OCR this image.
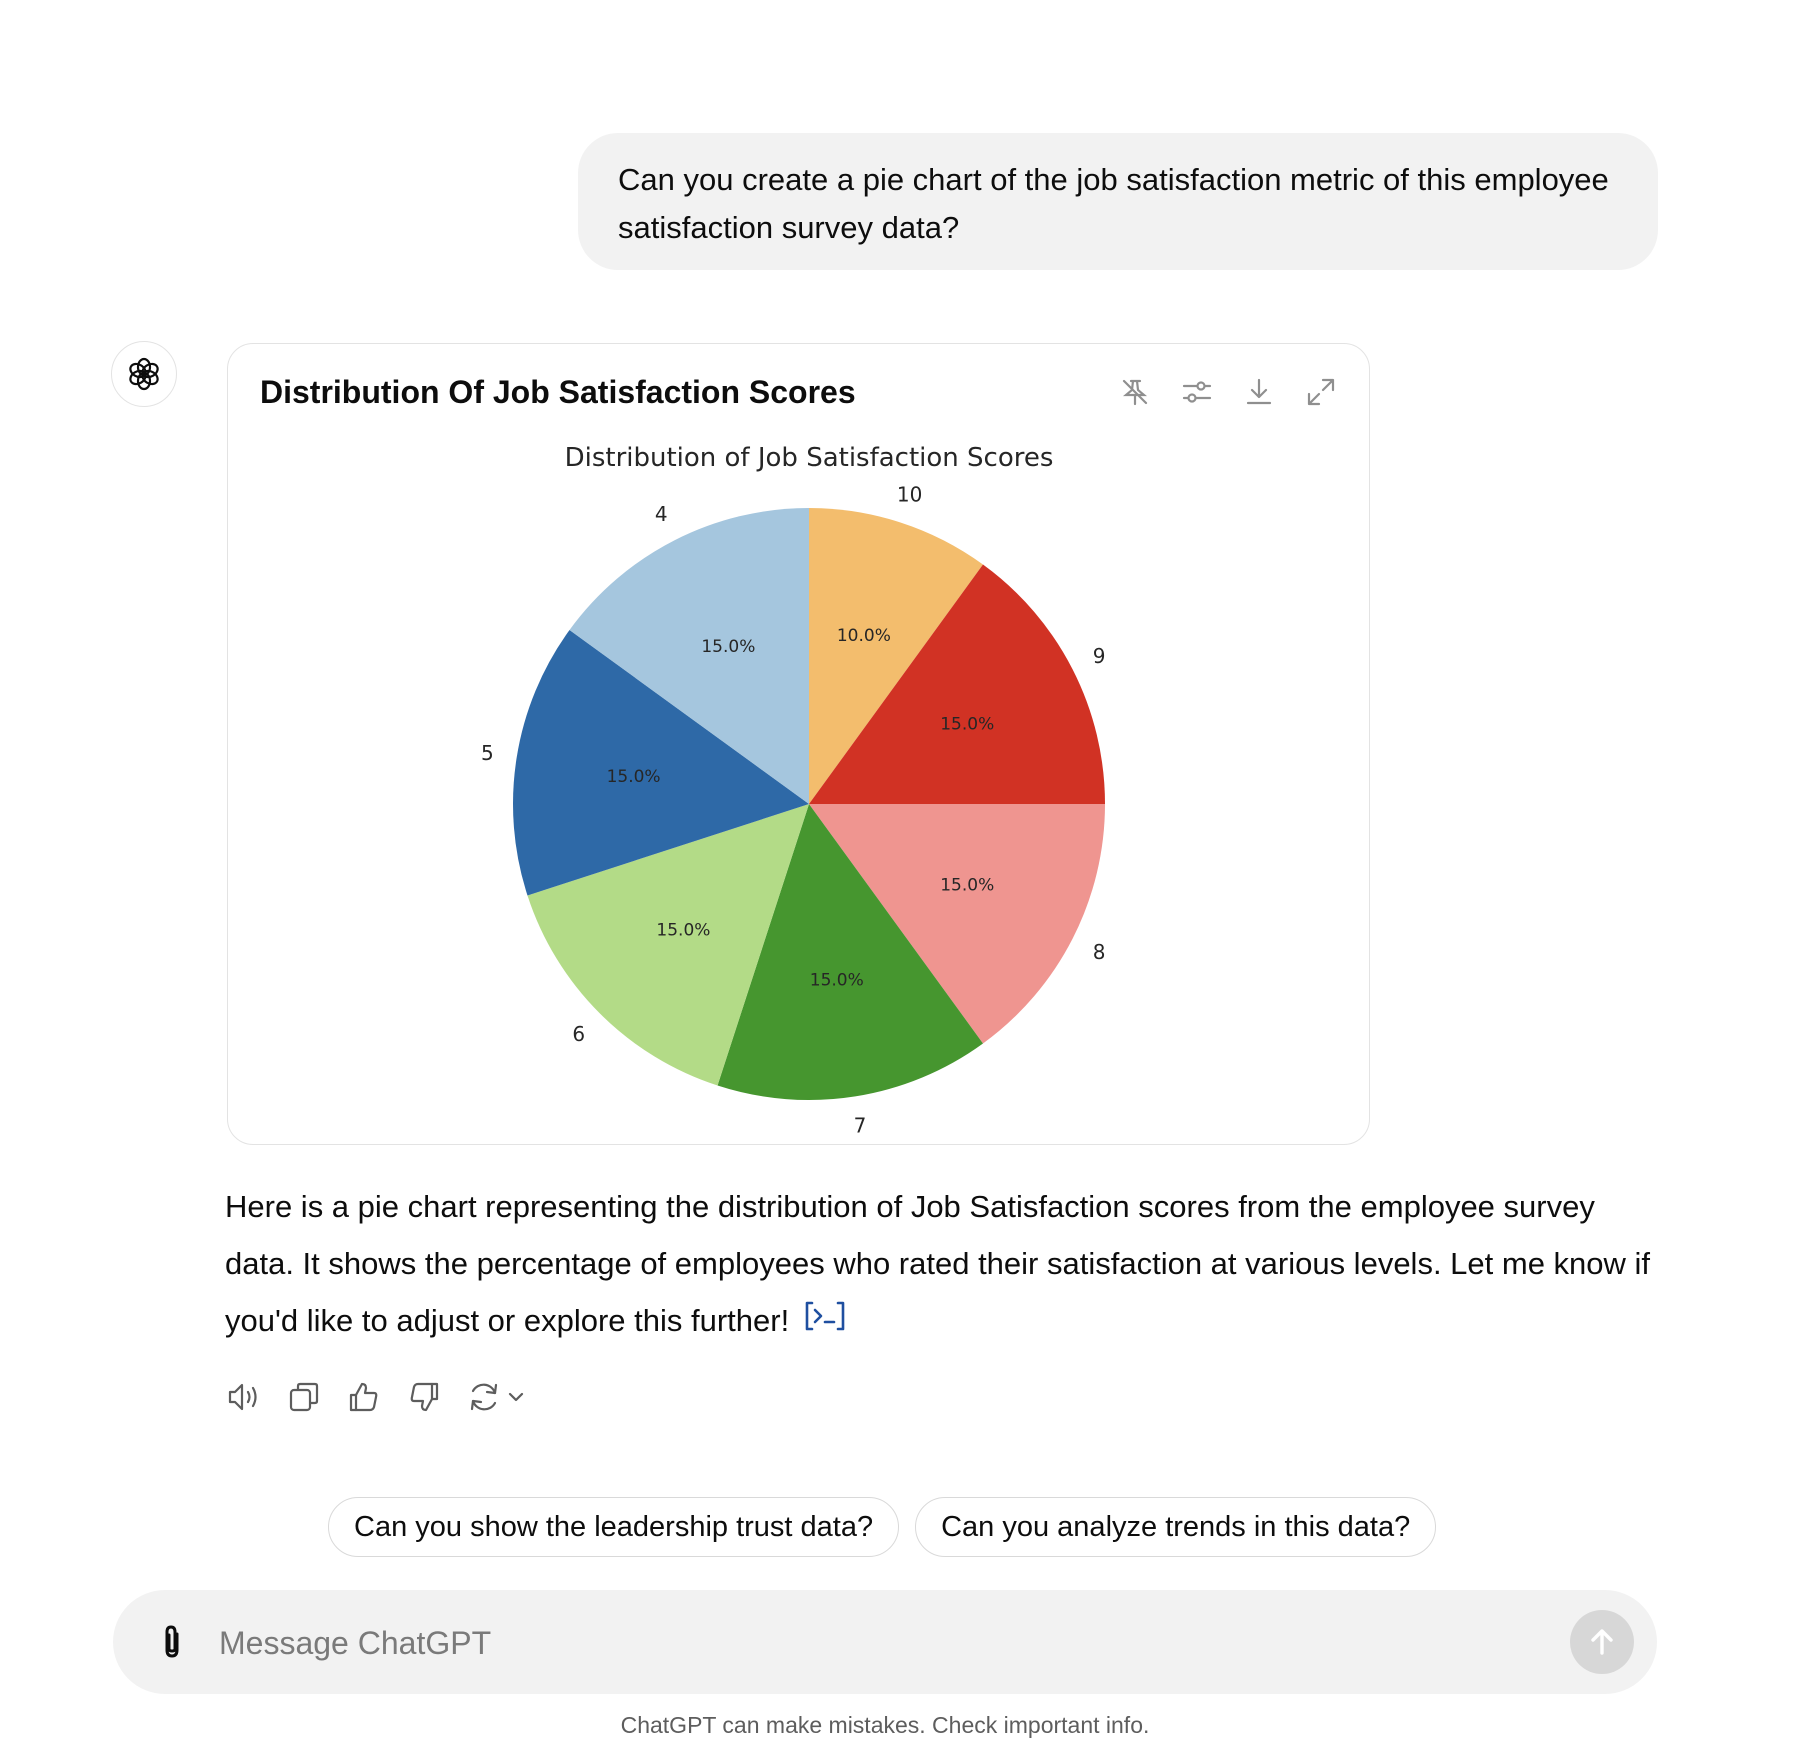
Can you create a pie chart of the job satisfaction metric of this employee satisfaction survey data?
Distribution Of Job Satisfaction Scores
Distribution of Job Satisfaction Scores
10.0%
10
15.0%
9
15.0%
8
15.0%
7
15.0%
6
15.0%
5
15.0%
4
Here is a pie chart representing the distribution of Job Satisfaction scores from the employee survey data. It shows the percentage of employees who rated their satisfaction at various levels. Let me know if you'd like to adjust or explore this further!
Can you show the leadership trust data?	Can you analyze trends in this data?
Message ChatGPT
ChatGPT can make mistakes. Check important info.
